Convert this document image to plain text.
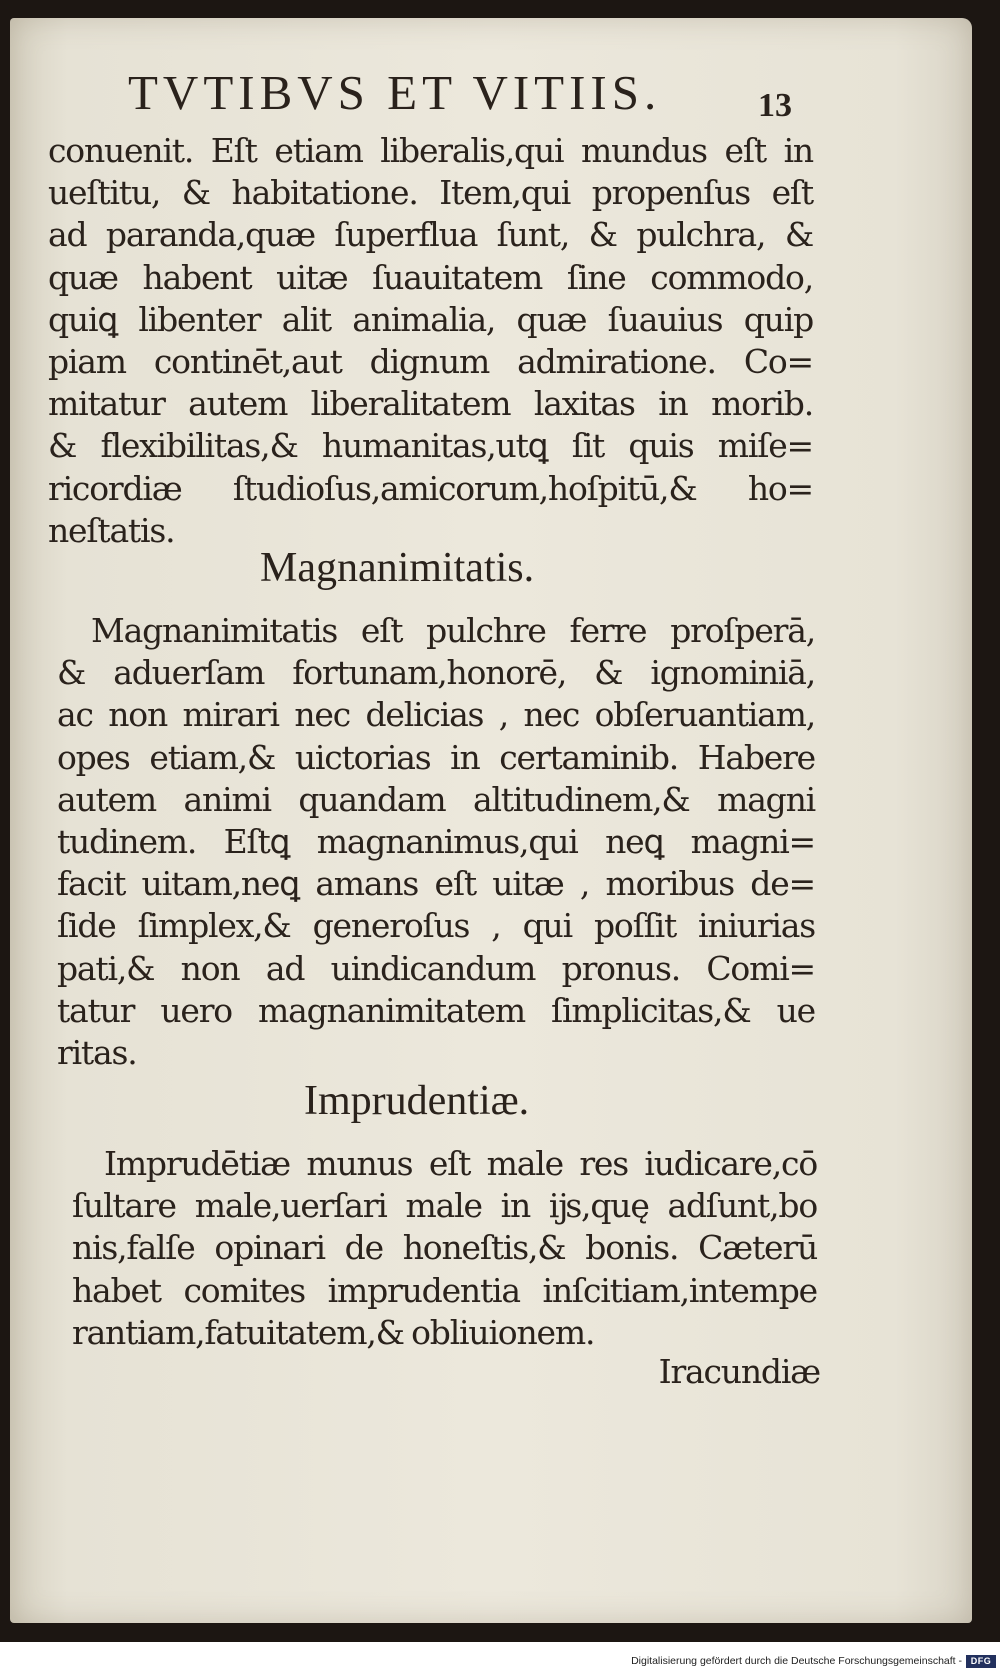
TVTIBVS ET VITIIS.	13
conuenit. Eſt etiam liberalis,qui mundus eſt in
ueſtitu, & habitatione. Item,qui propenſus eſt
ad paranda,quæ ſuperflua ſunt, & pulchra, &
quæ habent uitæ ſuauitatem ſine commodo,
quiꝗ libenter alit animalia, quæ ſuauius quip
piam continēt,aut dignum admiratione. Co=
mitatur autem liberalitatem laxitas in morib.
& flexibilitas,& humanitas,utꝗ ſit quis miſe=
ricordiæ ſtudioſus,amicorum,hoſpitū,& ho=
neſtatis.
Magnanimitatis.
Magnanimitatis eſt pulchre ferre proſperā,
& aduerſam fortunam,honorē, & ignominiā,
ac non mirari nec delicias , nec obſeruantiam,
opes etiam,& uictorias in certaminib. Habere
autem animi quandam altitudinem,& magni
tudinem. Eſtꝗ magnanimus,qui neꝗ magni=
facit uitam,neꝗ amans eſt uitæ , moribus de=
ſide ſimplex,& generoſus , qui poſſit iniurias
pati,& non ad uindicandum pronus. Comi=
tatur uero magnanimitatem ſimplicitas,& ue
ritas.
Imprudentiæ.
Imprudētiæ munus eſt male res iudicare,cō
ſultare male,uerſari male in ĳs,quę adſunt,bo
nis,falſe opinari de honeſtis,& bonis. Cæterū
habet comites imprudentia inſcitiam,intempe
rantiam,fatuitatem,& obliuionem.
Iracundiæ
Digitalisierung gefördert durch die Deutsche Forschungsgemeinschaft - DFG
